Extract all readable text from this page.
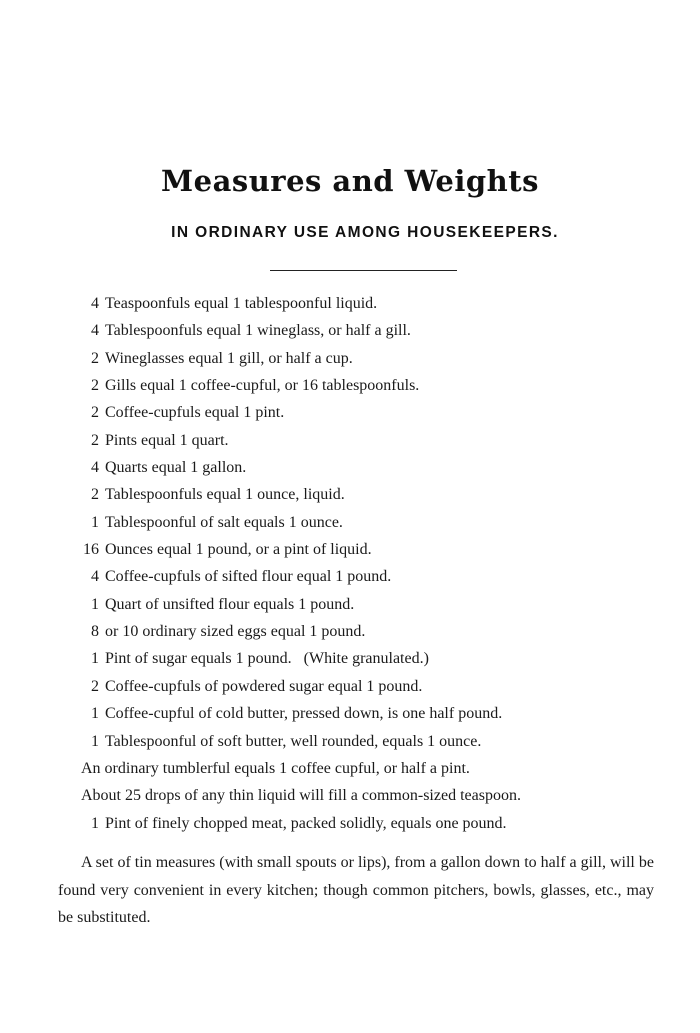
Measures and Weights
IN ORDINARY USE AMONG HOUSEKEEPERS.
4 Teaspoonfuls equal 1 tablespoonful liquid.
4 Tablespoonfuls equal 1 wineglass, or half a gill.
2 Wineglasses equal 1 gill, or half a cup.
2 Gills equal 1 coffee-cupful, or 16 tablespoonfuls.
2 Coffee-cupfuls equal 1 pint.
2 Pints equal 1 quart.
4 Quarts equal 1 gallon.
2 Tablespoonfuls equal 1 ounce, liquid.
1 Tablespoonful of salt equals 1 ounce.
16 Ounces equal 1 pound, or a pint of liquid.
4 Coffee-cupfuls of sifted flour equal 1 pound.
1 Quart of unsifted flour equals 1 pound.
8 or 10 ordinary sized eggs equal 1 pound.
1 Pint of sugar equals 1 pound.   (White granulated.)
2 Coffee-cupfuls of powdered sugar equal 1 pound.
1 Coffee-cupful of cold butter, pressed down, is one half pound.
1 Tablespoonful of soft butter, well rounded, equals 1 ounce.
An ordinary tumblerful equals 1 coffee cupful, or half a pint.
About 25 drops of any thin liquid will fill a common-sized teaspoon.
1 Pint of finely chopped meat, packed solidly, equals one pound.

A set of tin measures (with small spouts or lips), from a gallon down to half a gill, will be found very convenient in every kitchen; though common pitchers, bowls, glasses, etc., may be substituted.
